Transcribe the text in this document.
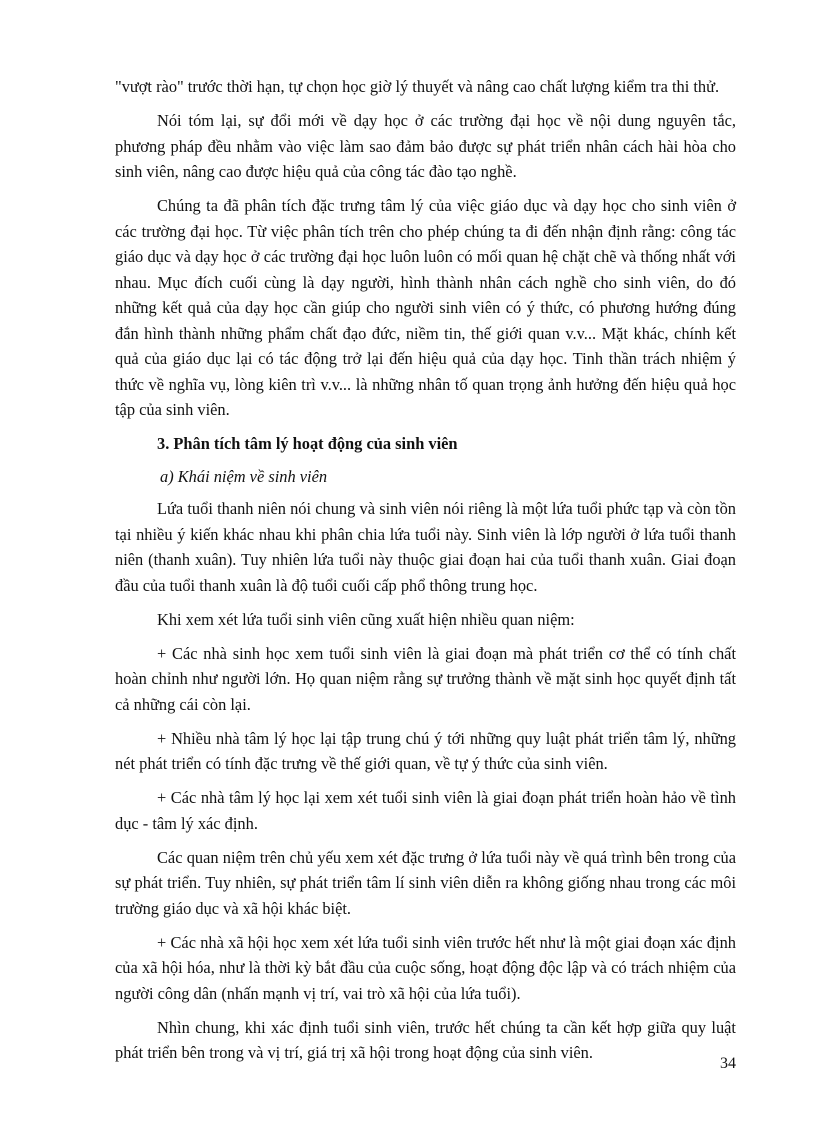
"vượt rào" trước thời hạn, tự chọn học giờ lý thuyết và nâng cao chất lượng kiểm tra thi thử.

Nói tóm lại, sự đổi mới về dạy học ở các trường đại học về nội dung nguyên tắc, phương pháp đều nhằm vào việc làm sao đảm bảo được sự phát triển nhân cách hài hòa cho sinh viên, nâng cao được hiệu quả của công tác đào tạo nghề.

Chúng ta đã phân tích đặc trưng tâm lý của việc giáo dục và dạy học cho sinh viên ở các trường đại học. Từ việc phân tích trên cho phép chúng ta đi đến nhận định rằng: công tác giáo dục và dạy học ở các trường đại học luôn luôn có mối quan hệ chặt chẽ và thống nhất với nhau. Mục đích cuối cùng là dạy người, hình thành nhân cách nghề cho sinh viên, do đó những kết quả của dạy học cần giúp cho người sinh viên có ý thức, có phương hướng đúng đắn hình thành những phẩm chất đạo đức, niềm tin, thế giới quan v.v... Mặt khác, chính kết quả của giáo dục lại có tác động trở lại đến hiệu quả của dạy học. Tinh thần trách nhiệm ý thức về nghĩa vụ, lòng kiên trì v.v... là những nhân tố quan trọng ảnh hưởng đến hiệu quả học tập của sinh viên.

3. Phân tích tâm lý hoạt động của sinh viên
a) Khái niệm về sinh viên

Lứa tuổi thanh niên nói chung và sinh viên nói riêng là một lứa tuổi phức tạp và còn tồn tại nhiều ý kiến khác nhau khi phân chia lứa tuổi này. Sinh viên là lớp người ở lứa tuổi thanh niên (thanh xuân). Tuy nhiên lứa tuổi này thuộc giai đoạn hai của tuổi thanh xuân. Giai đoạn đầu của tuổi thanh xuân là độ tuổi cuối cấp phổ thông trung học.

Khi xem xét lứa tuổi sinh viên cũng xuất hiện nhiều quan niệm:

+ Các nhà sinh học xem tuổi sinh viên là giai đoạn mà phát triển cơ thể có tính chất hoàn chỉnh như người lớn. Họ quan niệm rằng sự trưởng thành về mặt sinh học quyết định tất cả những cái còn lại.

+ Nhiều nhà tâm lý học lại tập trung chú ý tới những quy luật phát triển tâm lý, những nét phát triển có tính đặc trưng về thế giới quan, về tự ý thức của sinh viên.

+ Các nhà tâm lý học lại xem xét tuổi sinh viên là giai đoạn phát triển hoàn hảo về tình dục - tâm lý xác định.

Các quan niệm trên chủ yếu xem xét đặc trưng ở lứa tuổi này về quá trình bên trong của sự phát triển. Tuy nhiên, sự phát triển tâm lí sinh viên diễn ra không giống nhau trong các môi trường giáo dục và xã hội khác biệt.

+ Các nhà xã hội học xem xét lứa tuổi sinh viên trước hết như là một giai đoạn xác định của xã hội hóa, như là thời kỳ bắt đầu của cuộc sống, hoạt động độc lập và có trách nhiệm của người công dân (nhấn mạnh vị trí, vai trò xã hội của lứa tuổi).

Nhìn chung, khi xác định tuổi sinh viên, trước hết chúng ta cần kết hợp giữa quy luật phát triển bên trong và vị trí, giá trị xã hội trong hoạt động của sinh viên.

34
